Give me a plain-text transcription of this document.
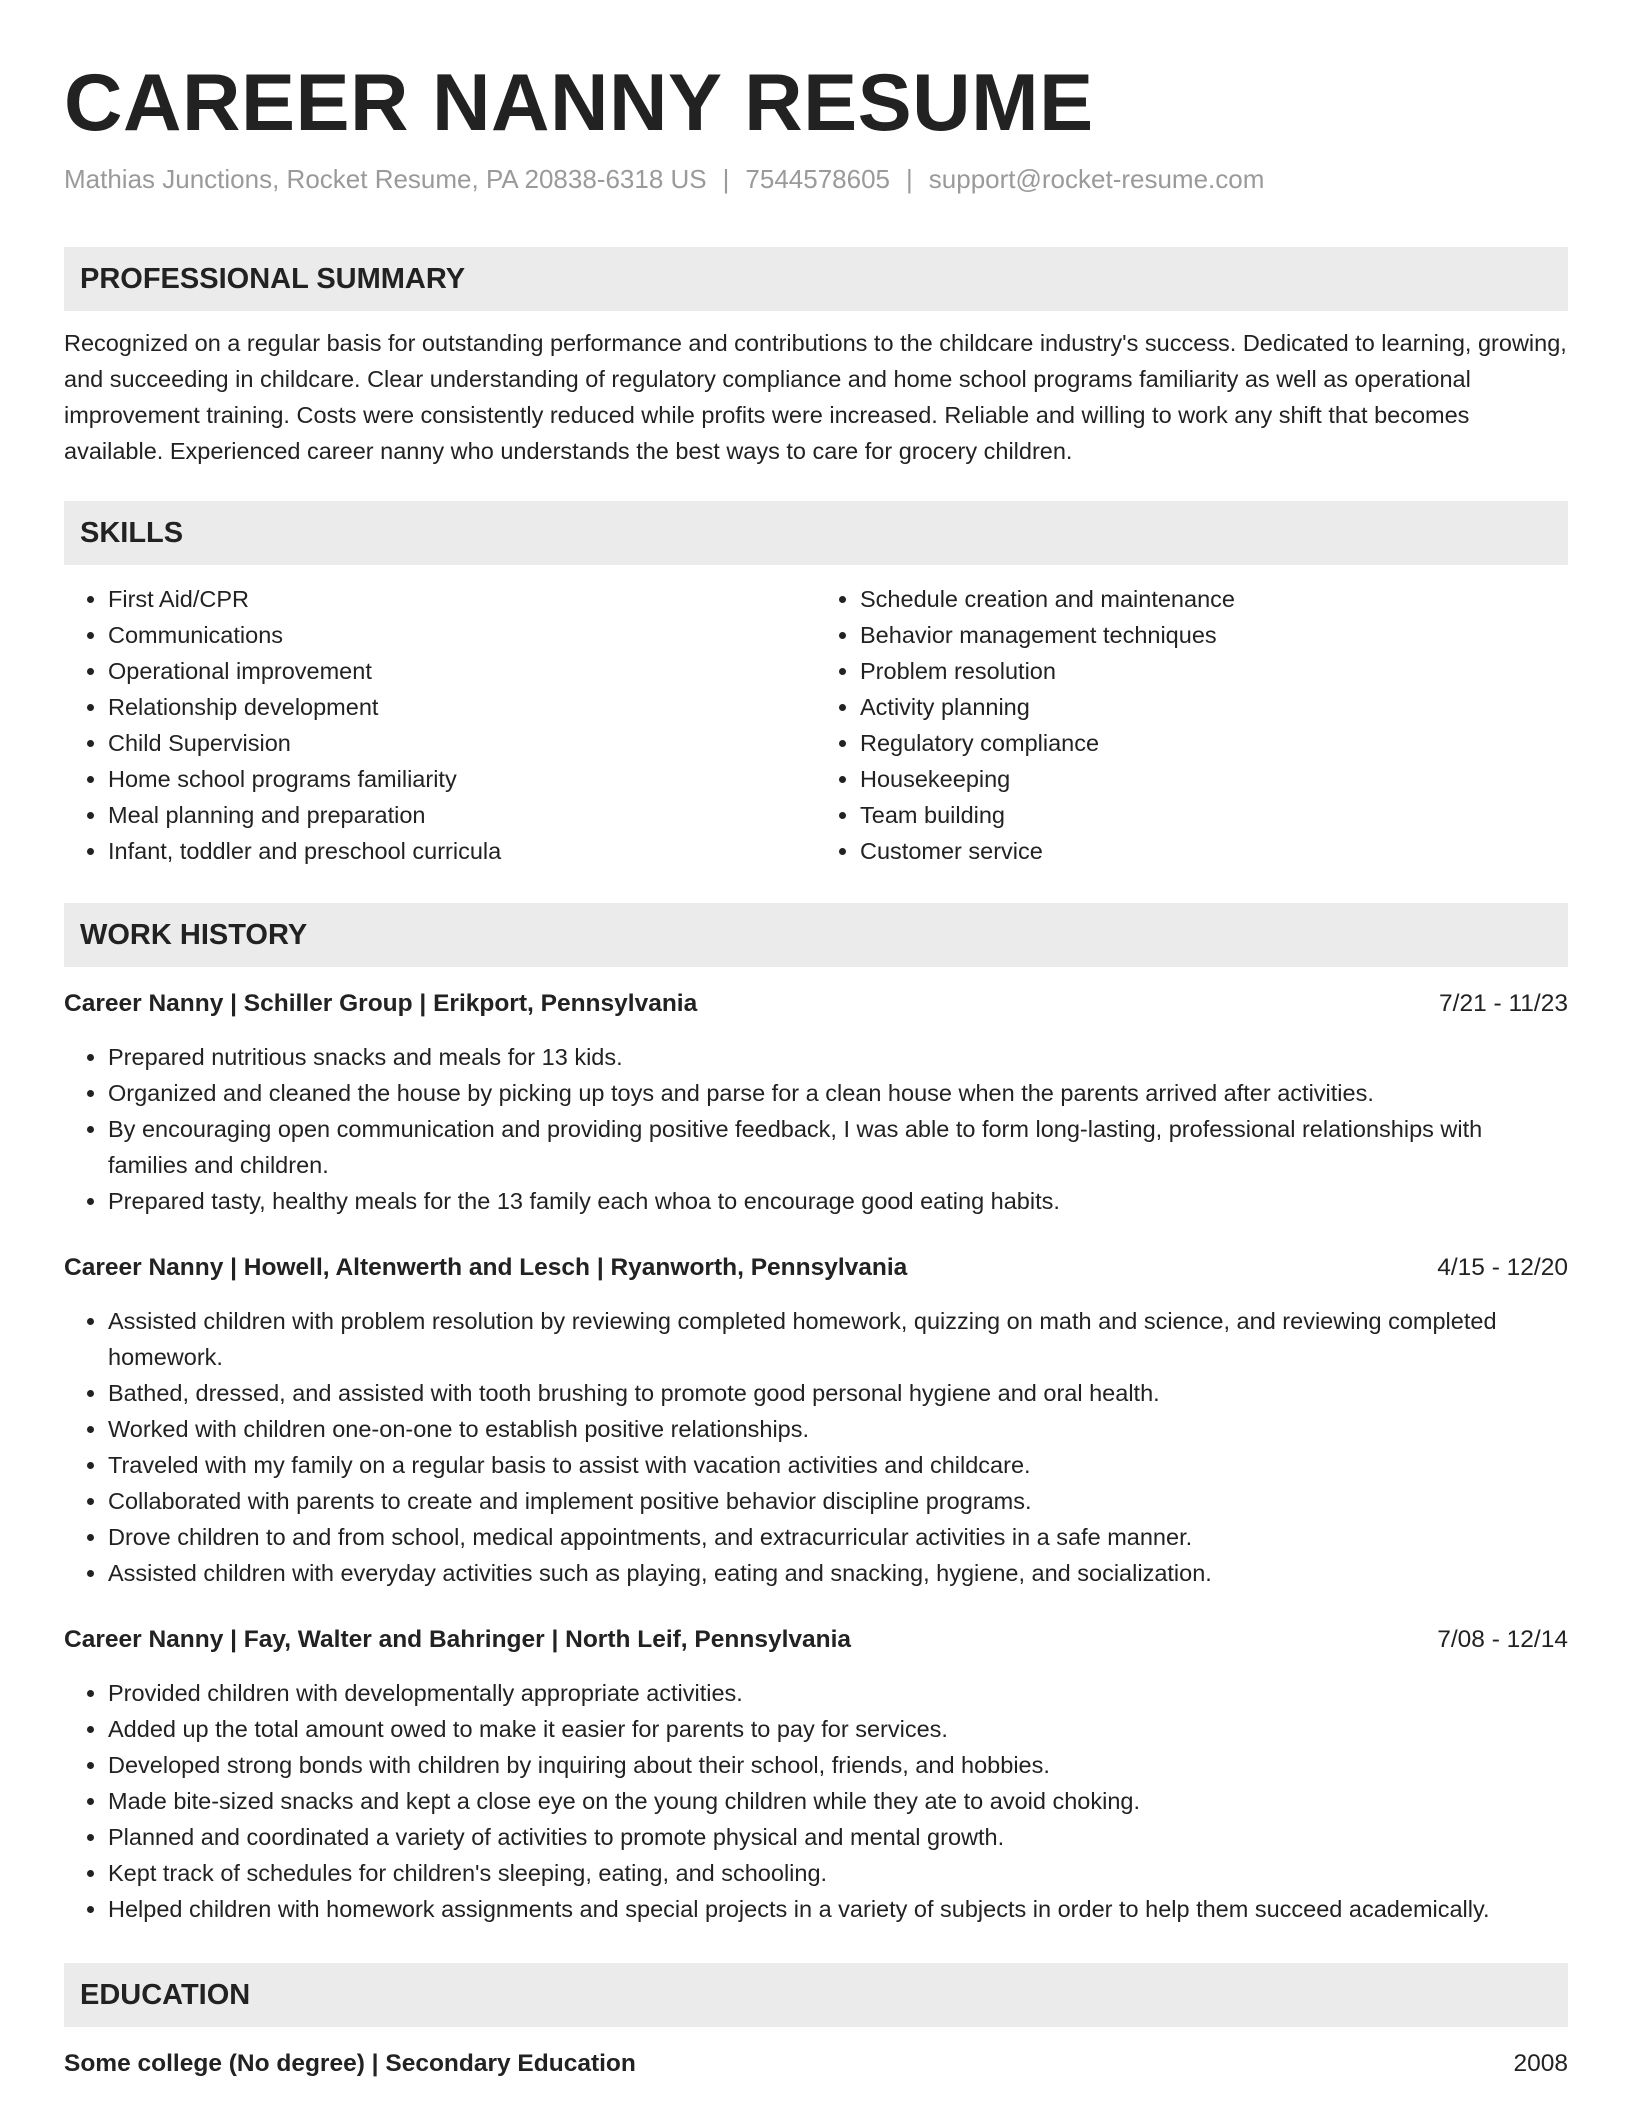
CAREER NANNY RESUME
Mathias Junctions, Rocket Resume, PA 20838-6318 US | 7544578605 | support@rocket-resume.com
PROFESSIONAL SUMMARY

Recognized on a regular basis for outstanding performance and contributions to the childcare industry's success. Dedicated to learning, growing, and succeeding in childcare. Clear understanding of regulatory compliance and home school programs familiarity as well as operational improvement training. Costs were consistently reduced while profits were increased. Reliable and willing to work any shift that becomes available. Experienced career nanny who understands the best ways to care for grocery children.

SKILLS
• First Aid/CPR
• Communications
• Operational improvement
• Relationship development
• Child Supervision
• Home school programs familiarity
• Meal planning and preparation
• Infant, toddler and preschool curricula
• Schedule creation and maintenance
• Behavior management techniques
• Problem resolution
• Activity planning
• Regulatory compliance
• Housekeeping
• Team building
• Customer service
WORK HISTORY
Career Nanny | Schiller Group | Erikport, Pennsylvania	7/21 - 11/23
• Prepared nutritious snacks and meals for 13 kids.
• Organized and cleaned the house by picking up toys and parse for a clean house when the parents arrived after activities.
• By encouraging open communication and providing positive feedback, I was able to form long-lasting, professional relationships with families and children.
• Prepared tasty, healthy meals for the 13 family each whoa to encourage good eating habits.
Career Nanny | Howell, Altenwerth and Lesch | Ryanworth, Pennsylvania	4/15 - 12/20
• Assisted children with problem resolution by reviewing completed homework, quizzing on math and science, and reviewing completed homework.
• Bathed, dressed, and assisted with tooth brushing to promote good personal hygiene and oral health.
• Worked with children one-on-one to establish positive relationships.
• Traveled with my family on a regular basis to assist with vacation activities and childcare.
• Collaborated with parents to create and implement positive behavior discipline programs.
• Drove children to and from school, medical appointments, and extracurricular activities in a safe manner.
• Assisted children with everyday activities such as playing, eating and snacking, hygiene, and socialization.
Career Nanny | Fay, Walter and Bahringer | North Leif, Pennsylvania	7/08 - 12/14
• Provided children with developmentally appropriate activities.
• Added up the total amount owed to make it easier for parents to pay for services.
• Developed strong bonds with children by inquiring about their school, friends, and hobbies.
• Made bite-sized snacks and kept a close eye on the young children while they ate to avoid choking.
• Planned and coordinated a variety of activities to promote physical and mental growth.
• Kept track of schedules for children's sleeping, eating, and schooling.
• Helped children with homework assignments and special projects in a variety of subjects in order to help them succeed academically.
EDUCATION
Some college (No degree) | Secondary Education	2008
